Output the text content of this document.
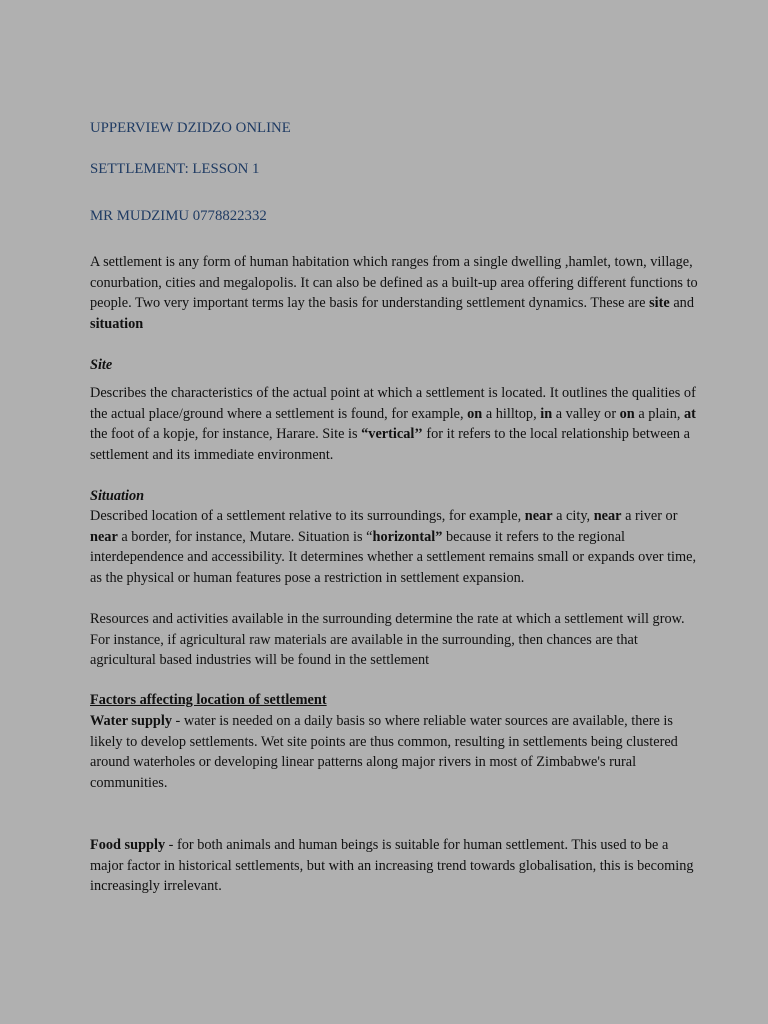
UPPERVIEW DZIDZO ONLINE
SETTLEMENT: LESSON 1
MR MUDZIMU 0778822332

A settlement is any form of human habitation which ranges from a single dwelling ,hamlet, town, village, conurbation, cities and megalopolis. It can also be defined as a built-up area offering different functions to people. Two very important terms lay the basis for understanding settlement dynamics. These are site and situation

Site

Describes the characteristics of the actual point at which a settlement is located. It outlines the qualities of the actual place/ground where a settlement is found, for example, on a hilltop, in a valley or on a plain, at the foot of a kopje, for instance, Harare. Site is “vertical’’ for it refers to the local relationship between a settlement and its immediate environment.

Situation

Described location of a settlement relative to its surroundings, for example, near a city, near a river or near a border, for instance, Mutare. Situation is “horizontal” because it refers to the regional interdependence and accessibility. It determines whether a settlement remains small or expands over time, as the physical or human features pose a restriction in settlement expansion.

Resources and activities available in the surrounding determine the rate at which a settlement will grow. For instance, if agricultural raw materials are available in the surrounding, then chances are that agricultural based industries will be found in the settlement

Factors affecting location of settlement

Water supply - water is needed on a daily basis so where reliable water sources are available, there is likely to develop settlements. Wet site points are thus common, resulting in settlements being clustered around waterholes or developing linear patterns along major rivers in most of Zimbabwe's rural communities.

Food supply - for both animals and human beings is suitable for human settlement. This used to be a major factor in historical settlements, but with an increasing trend towards globalisation, this is becoming increasingly irrelevant.
